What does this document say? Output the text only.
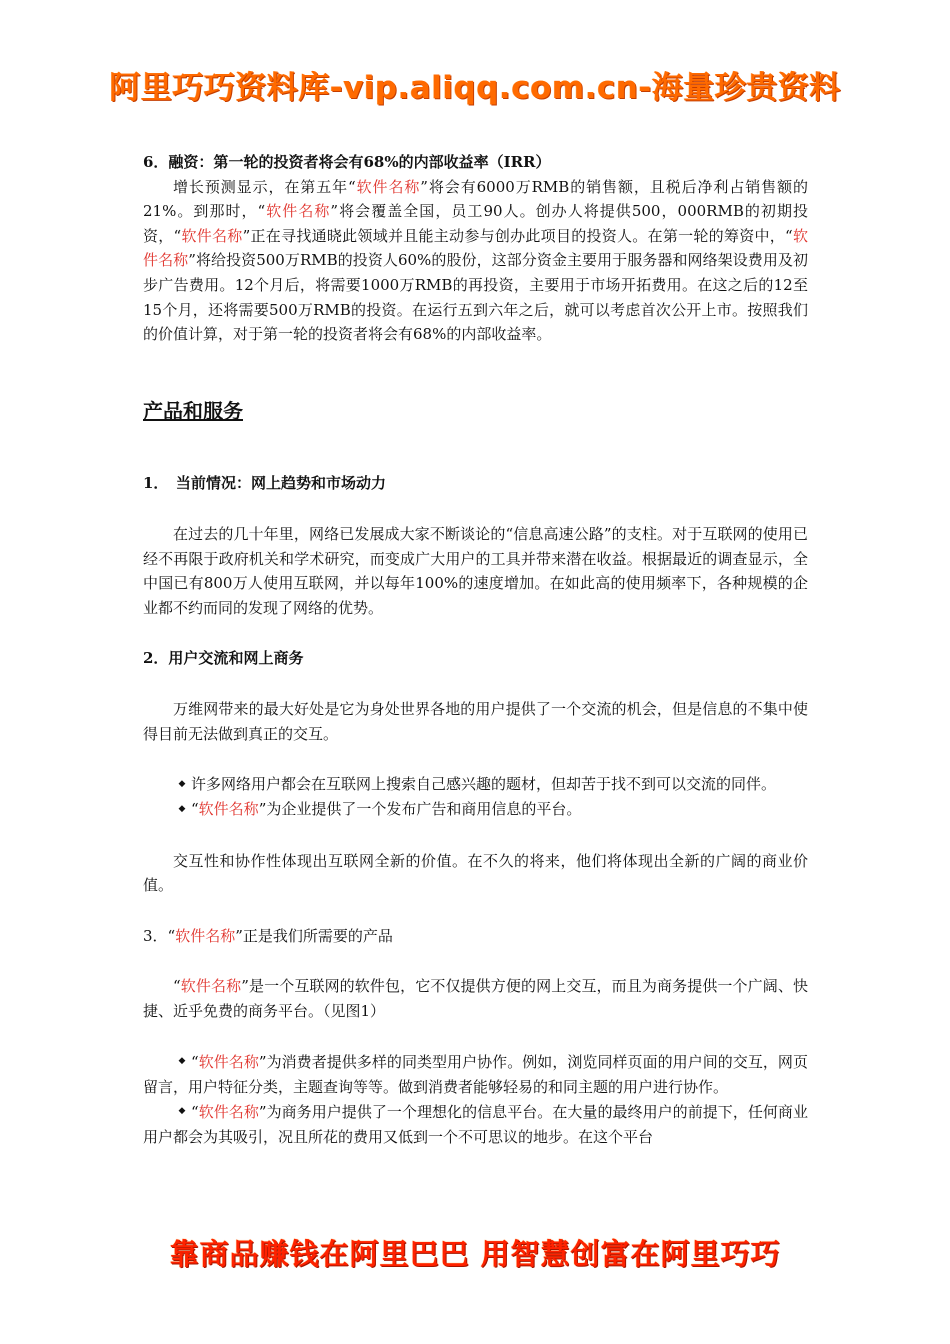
阿里巧巧资料库-vip.aliqq.com.cn-海量珍贵资料

6．融资：第一轮的投资者将会有68%的内部收益率（IRR）

增长预测显示，在第五年“软件名称”将会有6000万RMB的销售额，且税后净利占销售额的21%。到那时，“软件名称”将会覆盖全国，员工90人。创办人将提供500，000RMB的初期投资，“软件名称”正在寻找通晓此领域并且能主动参与创办此项目的投资人。在第一轮的筹资中，“软件名称”将给投资500万RMB的投资人60%的股份，这部分资金主要用于服务器和网络架设费用及初步广告费用。12个月后，将需要1000万RMB的再投资，主要用于市场开拓费用。在这之后的12至15个月，还将需要500万RMB的投资。在运行五到六年之后，就可以考虑首次公开上市。按照我们的价值计算，对于第一轮的投资者将会有68%的内部收益率。

产品和服务

1．　当前情况：网上趋势和市场动力

在过去的几十年里，网络已发展成大家不断谈论的“信息高速公路”的支柱。对于互联网的使用已经不再限于政府机关和学术研究，而变成广大用户的工具并带来潜在收益。根据最近的调查显示，全中国已有800万人使用互联网，并以每年100%的速度增加。在如此高的使用频率下，各种规模的企业都不约而同的发现了网络的优势。

2．用户交流和网上商务

万维网带来的最大好处是它为身处世界各地的用户提供了一个交流的机会，但是信息的不集中使得目前无法做到真正的交互。

◆ 许多网络用户都会在互联网上搜索自己感兴趣的题材，但却苦于找不到可以交流的同伴。

◆ “软件名称”为企业提供了一个发布广告和商用信息的平台。

交互性和协作性体现出互联网全新的价值。在不久的将来，他们将体现出全新的广阔的商业价值。

3．“软件名称”正是我们所需要的产品

“软件名称”是一个互联网的软件包，它不仅提供方便的网上交互，而且为商务提供一个广阔、快捷、近乎免费的商务平台。（见图1）

◆ “软件名称”为消费者提供多样的同类型用户协作。例如，浏览同样页面的用户间的交互，网页留言，用户特征分类，主题查询等等。做到消费者能够轻易的和同主题的用户进行协作。

◆ “软件名称”为商务用户提供了一个理想化的信息平台。在大量的最终用户的前提下，任何商业用户都会为其吸引，况且所花的费用又低到一个不可思议的地步。在这个平台

靠商品赚钱在阿里巴巴 用智慧创富在阿里巧巧
